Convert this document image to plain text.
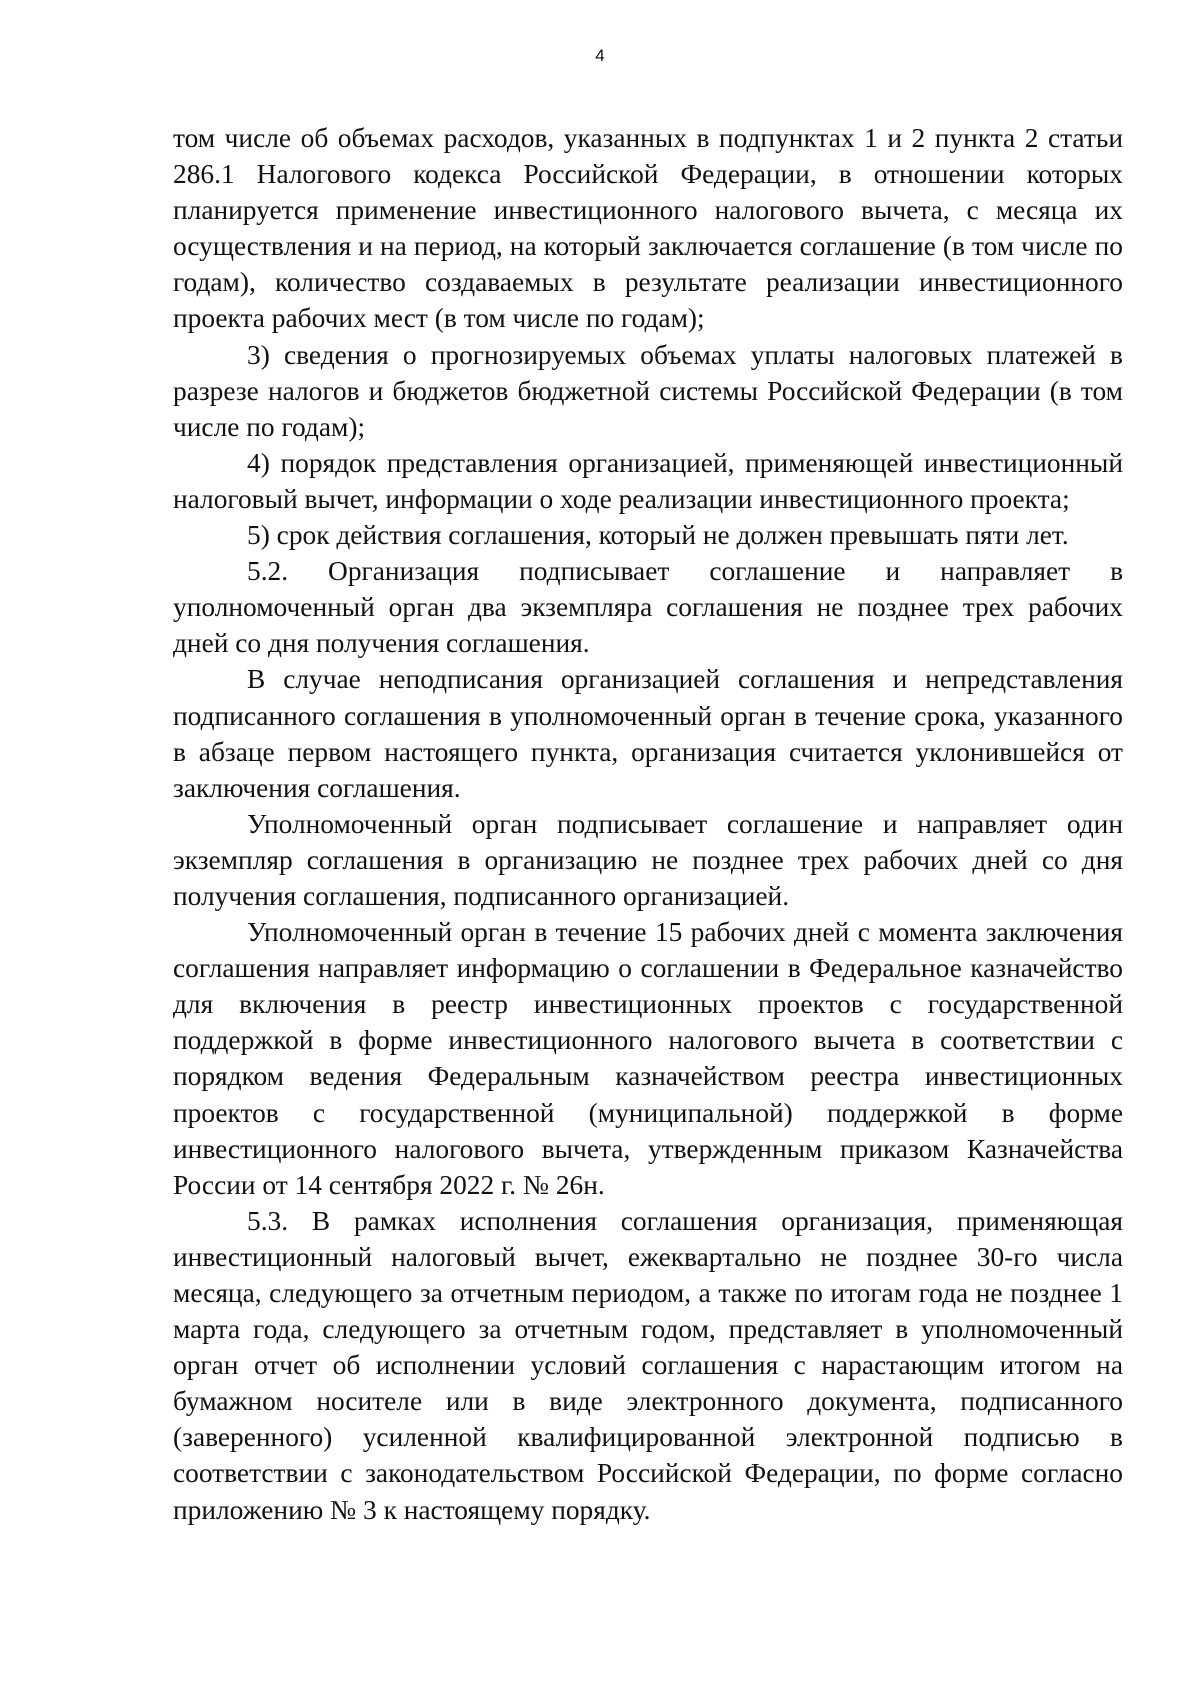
4

том числе об объемах расходов, указанных в подпунктах 1 и 2 пункта 2 статьи 286.1 Налогового кодекса Российской Федерации, в отношении которых планируется применение инвестиционного налогового вычета, с месяца их осуществления и на период, на который заключается соглашение (в том числе по годам), количество создаваемых в результате реализации инвестиционного проекта рабочих мест (в том числе по годам);

3) сведения о прогнозируемых объемах уплаты налоговых платежей в разрезе налогов и бюджетов бюджетной системы Российской Федерации (в том числе по годам);

4) порядок представления организацией, применяющей инвестиционный налоговый вычет, информации о ходе реализации инвестиционного проекта;

5) срок действия соглашения, который не должен превышать пяти лет.

5.2. Организация подписывает соглашение и направляет в уполномоченный орган два экземпляра соглашения не позднее трех рабочих дней со дня получения соглашения.

В случае неподписания организацией соглашения и непредставления подписанного соглашения в уполномоченный орган в течение срока, указанного в абзаце первом настоящего пункта, организация считается уклонившейся от заключения соглашения.

Уполномоченный орган подписывает соглашение и направляет один экземпляр соглашения в организацию не позднее трех рабочих дней со дня получения соглашения, подписанного организацией.

Уполномоченный орган в течение 15 рабочих дней с момента заключения соглашения направляет информацию о соглашении в Федеральное казначейство для включения в реестр инвестиционных проектов с государственной поддержкой в форме инвестиционного налогового вычета в соответствии с порядком ведения Федеральным казначейством реестра инвестиционных проектов с государственной (муниципальной) поддержкой в форме инвестиционного налогового вычета, утвержденным приказом Казначейства России от 14 сентября 2022 г. № 26н.

5.3. В рамках исполнения соглашения организация, применяющая инвестиционный налоговый вычет, ежеквартально не позднее 30-го числа месяца, следующего за отчетным периодом, а также по итогам года не позднее 1 марта года, следующего за отчетным годом, представляет в уполномоченный орган отчет об исполнении условий соглашения с нарастающим итогом на бумажном носителе или в виде электронного документа, подписанного (заверенного) усиленной квалифицированной электронной подписью в соответствии с законодательством Российской Федерации, по форме согласно приложению № 3 к настоящему порядку.
